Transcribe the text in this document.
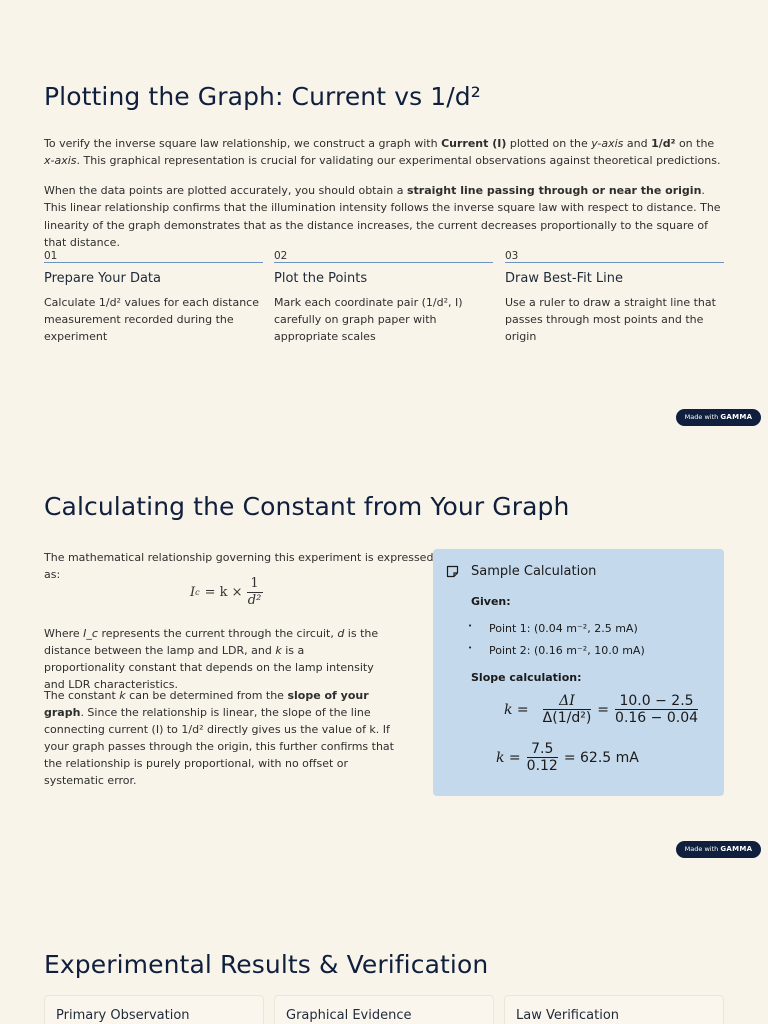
Plotting the Graph: Current vs 1/d²

To verify the inverse square law relationship, we construct a graph with Current (I) plotted on the y-axis and 1/d² on the x-axis. This graphical representation is crucial for validating our experimental observations against theoretical predictions.

When the data points are plotted accurately, you should obtain a straight line passing through or near the origin. This linear relationship confirms that the illumination intensity follows the inverse square law with respect to distance. The linearity of the graph demonstrates that as the distance increases, the current decreases proportionally to the square of that distance.

01
Prepare Your Data
Calculate 1/d² values for each distance measurement recorded during the experiment
02
Plot the Points
Mark each coordinate pair (1/d², I) carefully on graph paper with appropriate scales
03
Draw Best-Fit Line
Use a ruler to draw a straight line that passes through most points and the origin
Made with GAMMA
Calculating the Constant from Your Graph
The mathematical relationship governing this experiment is expressed as:
I $c = k \times \frac{1}{\text{d²}}$

Where I_c represents the current through the circuit, d is the distance between the lamp and LDR, and k is a proportionality constant that depends on the lamp intensity and LDR characteristics.

The constant k can be determined from the slope of your graph. Since the relationship is linear, the slope of the line connecting current (I) to 1/d² directly gives us the value of k. If your graph passes through the origin, this further confirms that the relationship is purely proportional, with no offset or systematic error.

Sample Calculation
Given:
•	Point 1: (0.04 m⁻², 2.5 mA)
•	Point 2: (0.16 m⁻², 10.0 mA)
Slope calculation:
k =
ΔI
Δ(1/d²)
=
10.0 − 2.5
0.16 − 0.04
k =
7.5
0.12
= 62.5 mA
Made with GAMMA
Experimental Results & Verification
Primary Observation	Graphical Evidence	Law Verification
